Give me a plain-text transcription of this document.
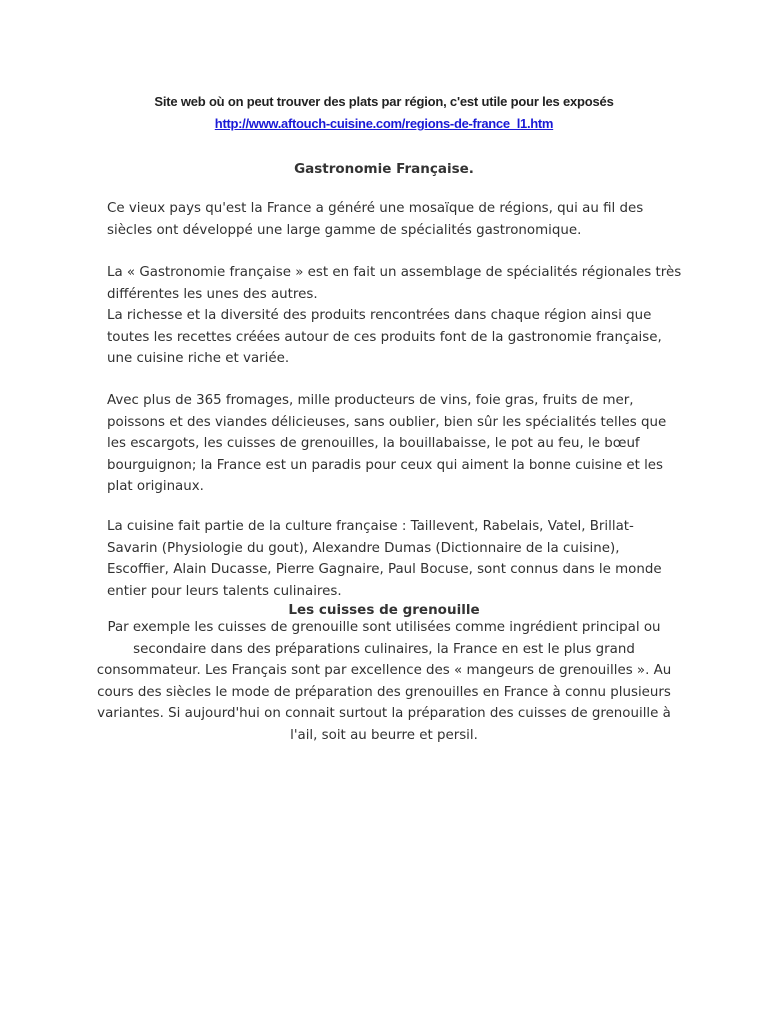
Site web où on peut trouver des plats par région, c'est utile pour les exposés
http://www.aftouch-cuisine.com/regions-de-france_l1.htm
Gastronomie Française.
Ce vieux pays qu'est la France a généré une mosaïque de régions, qui au fil des
siècles ont développé une large gamme de spécialités gastronomique.
La « Gastronomie française » est en fait un assemblage de spécialités régionales très
différentes les unes des autres.
La richesse et la diversité des produits rencontrées dans chaque région ainsi que
toutes les recettes créées autour de ces produits font de la gastronomie française,
une cuisine riche et variée.
Avec plus de 365 fromages, mille producteurs de vins, foie gras, fruits de mer,
poissons et des viandes délicieuses, sans oublier, bien sûr les spécialités telles que
les escargots, les cuisses de grenouilles, la bouillabaisse, le pot au feu, le bœuf
bourguignon; la France est un paradis pour ceux qui aiment la bonne cuisine et les
plat originaux.
La cuisine fait partie de la culture française : Taillevent, Rabelais, Vatel, Brillat-
Savarin (Physiologie du gout), Alexandre Dumas (Dictionnaire de la cuisine),
Escoffier, Alain Ducasse, Pierre Gagnaire, Paul Bocuse, sont connus dans le monde
entier pour leurs talents culinaires.
Les cuisses de grenouille
Par exemple les cuisses de grenouille sont utilisées comme ingrédient principal ou
secondaire dans des préparations culinaires, la France en est le plus grand
consommateur. Les Français sont par excellence des « mangeurs de grenouilles ». Au
cours des siècles le mode de préparation des grenouilles en France à connu plusieurs
variantes. Si aujourd'hui on connait surtout la préparation des cuisses de grenouille à
l'ail, soit au beurre et persil.
